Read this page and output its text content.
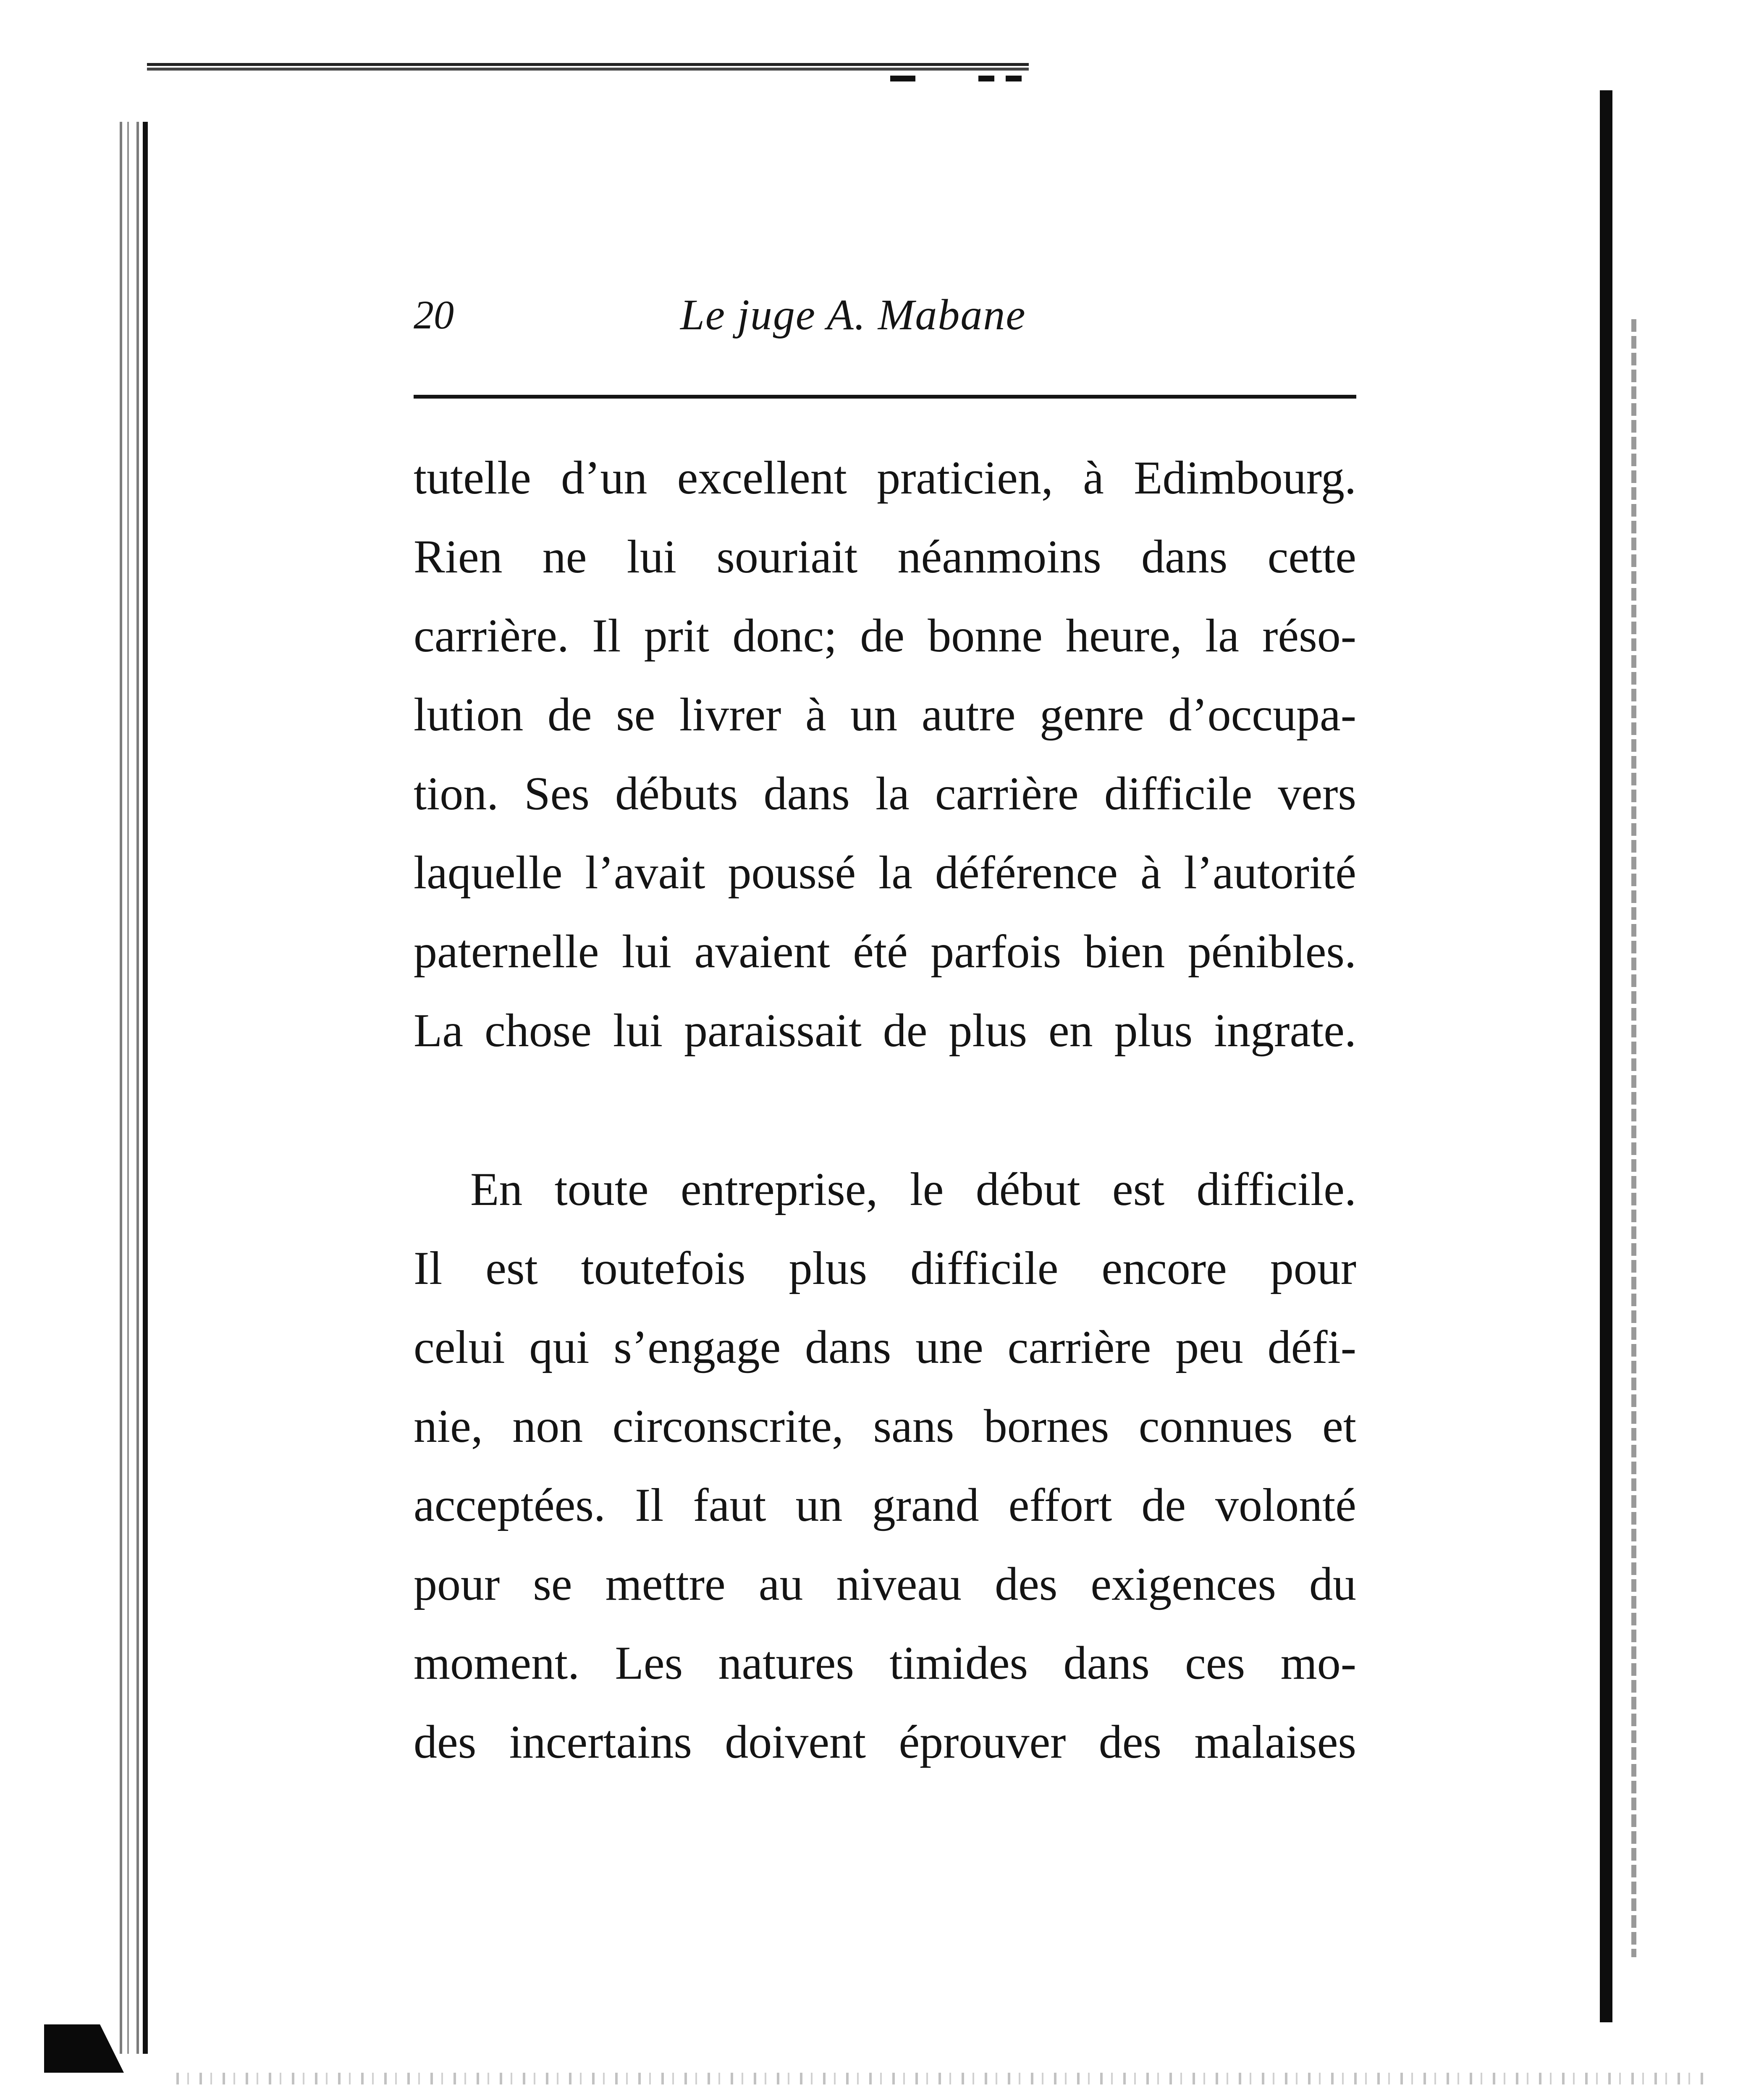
20	Le juge A. Mabane

tutelle d’un excellent praticien, à Edimbourg.
Rien ne lui souriait néanmoins dans cette
carrière. Il prit donc; de bonne heure, la réso-
lution de se livrer à un autre genre d’occupa-
tion. Ses débuts dans la carrière difficile vers
laquelle l’avait poussé la déférence à l’autorité
paternelle lui avaient été parfois bien pénibles.
La chose lui paraissait de plus en plus ingrate.

En toute entreprise, le début est difficile.
Il est toutefois plus difficile encore pour
celui qui s’engage dans une carrière peu défi-
nie, non circonscrite, sans bornes connues et
acceptées. Il faut un grand effort de volonté
pour se mettre au niveau des exigences du
moment. Les natures timides dans ces mo-
des incertains doivent éprouver des malaises
